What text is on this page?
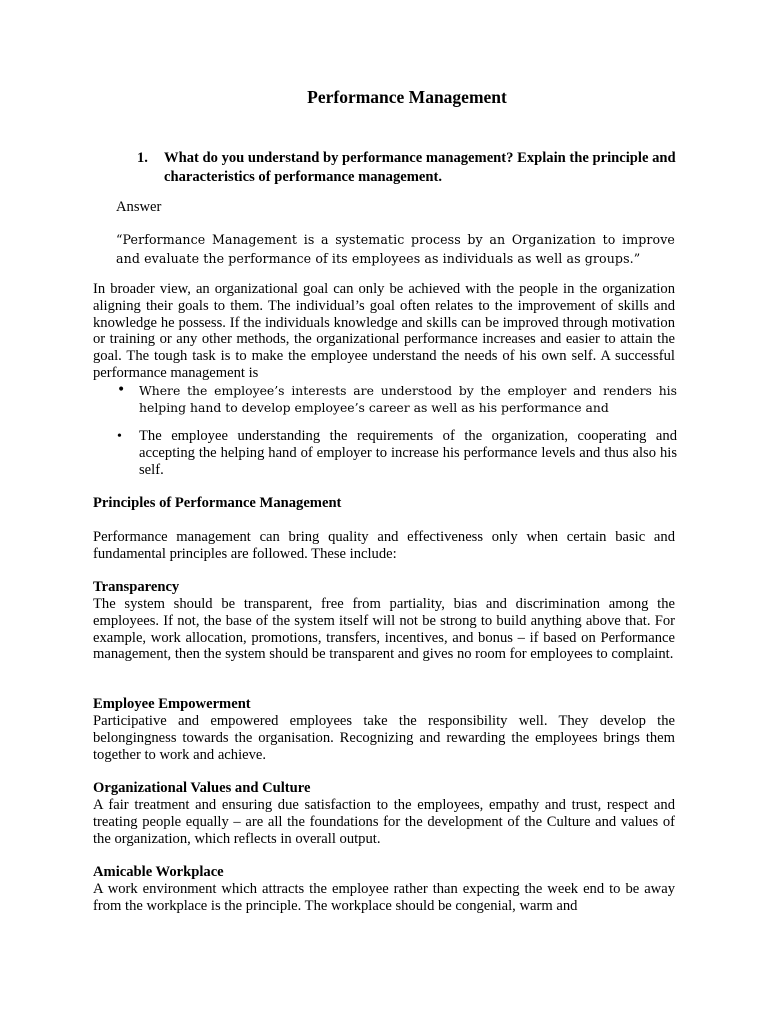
Performance Management
1. What do you understand by performance management? Explain the principle and characteristics of performance management.
Answer
“Performance Management is a systematic process by an Organization to improve and evaluate the performance of its employees as individuals as well as groups.”
In broader view, an organizational goal can only be achieved with the people in the organization aligning their goals to them. The individual’s goal often relates to the improvement of skills and knowledge he possess. If the individuals knowledge and skills can be improved through motivation or training or any other methods, the organizational performance increases and easier to attain the goal. The tough task is to make the employee understand the needs of his own self. A successful performance management is
• Where the employee’s interests are understood by the employer and renders his helping hand to develop employee’s career as well as his performance and
• The employee understanding the requirements of the organization, cooperating and accepting the helping hand of employer to increase his performance levels and thus also his self.
Principles of Performance Management
Performance management can bring quality and effectiveness only when certain basic and fundamental principles are followed. These include:
Transparency
The system should be transparent, free from partiality, bias and discrimination among the employees. If not, the base of the system itself will not be strong to build anything above that. For example, work allocation, promotions, transfers, incentives, and bonus – if based on Performance management, then the system should be transparent and gives no room for employees to complaint.
Employee Empowerment
Participative and empowered employees take the responsibility well. They develop the belongingness towards the organisation. Recognizing and rewarding the employees brings them together to work and achieve.
Organizational Values and Culture
A fair treatment and ensuring due satisfaction to the employees, empathy and trust, respect and treating people equally – are all the foundations for the development of the Culture and values of the organization, which reflects in overall output.
Amicable Workplace
A work environment which attracts the employee rather than expecting the week end to be away from the workplace is the principle. The workplace should be congenial, warm and
